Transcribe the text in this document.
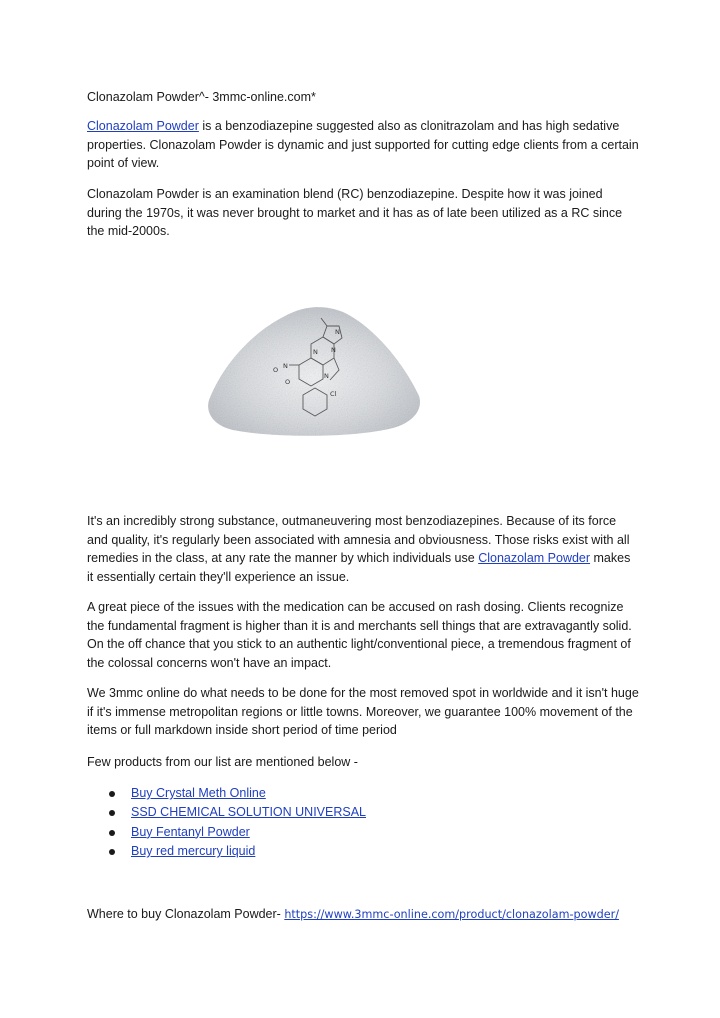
Clonazolam Powder^- 3mmc-online.com*

Clonazolam Powder is a benzodiazepine suggested also as clonitrazolam and has high sedative properties. Clonazolam Powder is dynamic and just supported for cutting edge clients from a certain point of view.

Clonazolam Powder is an examination blend (RC) benzodiazepine. Despite how it was joined during the 1970s, it was never brought to market and it has as of late been utilized as a RC since the mid-2000s.

N
N
N
N
O
O
N
Cl

It's an incredibly strong substance, outmaneuvering most benzodiazepines. Because of its force and quality, it's regularly been associated with amnesia and obviousness. Those risks exist with all remedies in the class, at any rate the manner by which individuals use Clonazolam Powder makes it essentially certain they'll experience an issue.

A great piece of the issues with the medication can be accused on rash dosing. Clients recognize the fundamental fragment is higher than it is and merchants sell things that are extravagantly solid. On the off chance that you stick to an authentic light/conventional piece, a tremendous fragment of the colossal concerns won't have an impact.

We 3mmc online do what needs to be done for the most removed spot in worldwide and it isn't huge if it's immense metropolitan regions or little towns. Moreover, we guarantee 100% movement of the items or full markdown inside short period of time period

Few products from our list are mentioned below -

Buy Crystal Meth Online
SSD CHEMICAL SOLUTION UNIVERSAL
Buy Fentanyl Powder
Buy red mercury liquid

Where to buy Clonazolam Powder- https://www.3mmc-online.com/product/clonazolam-powder/
